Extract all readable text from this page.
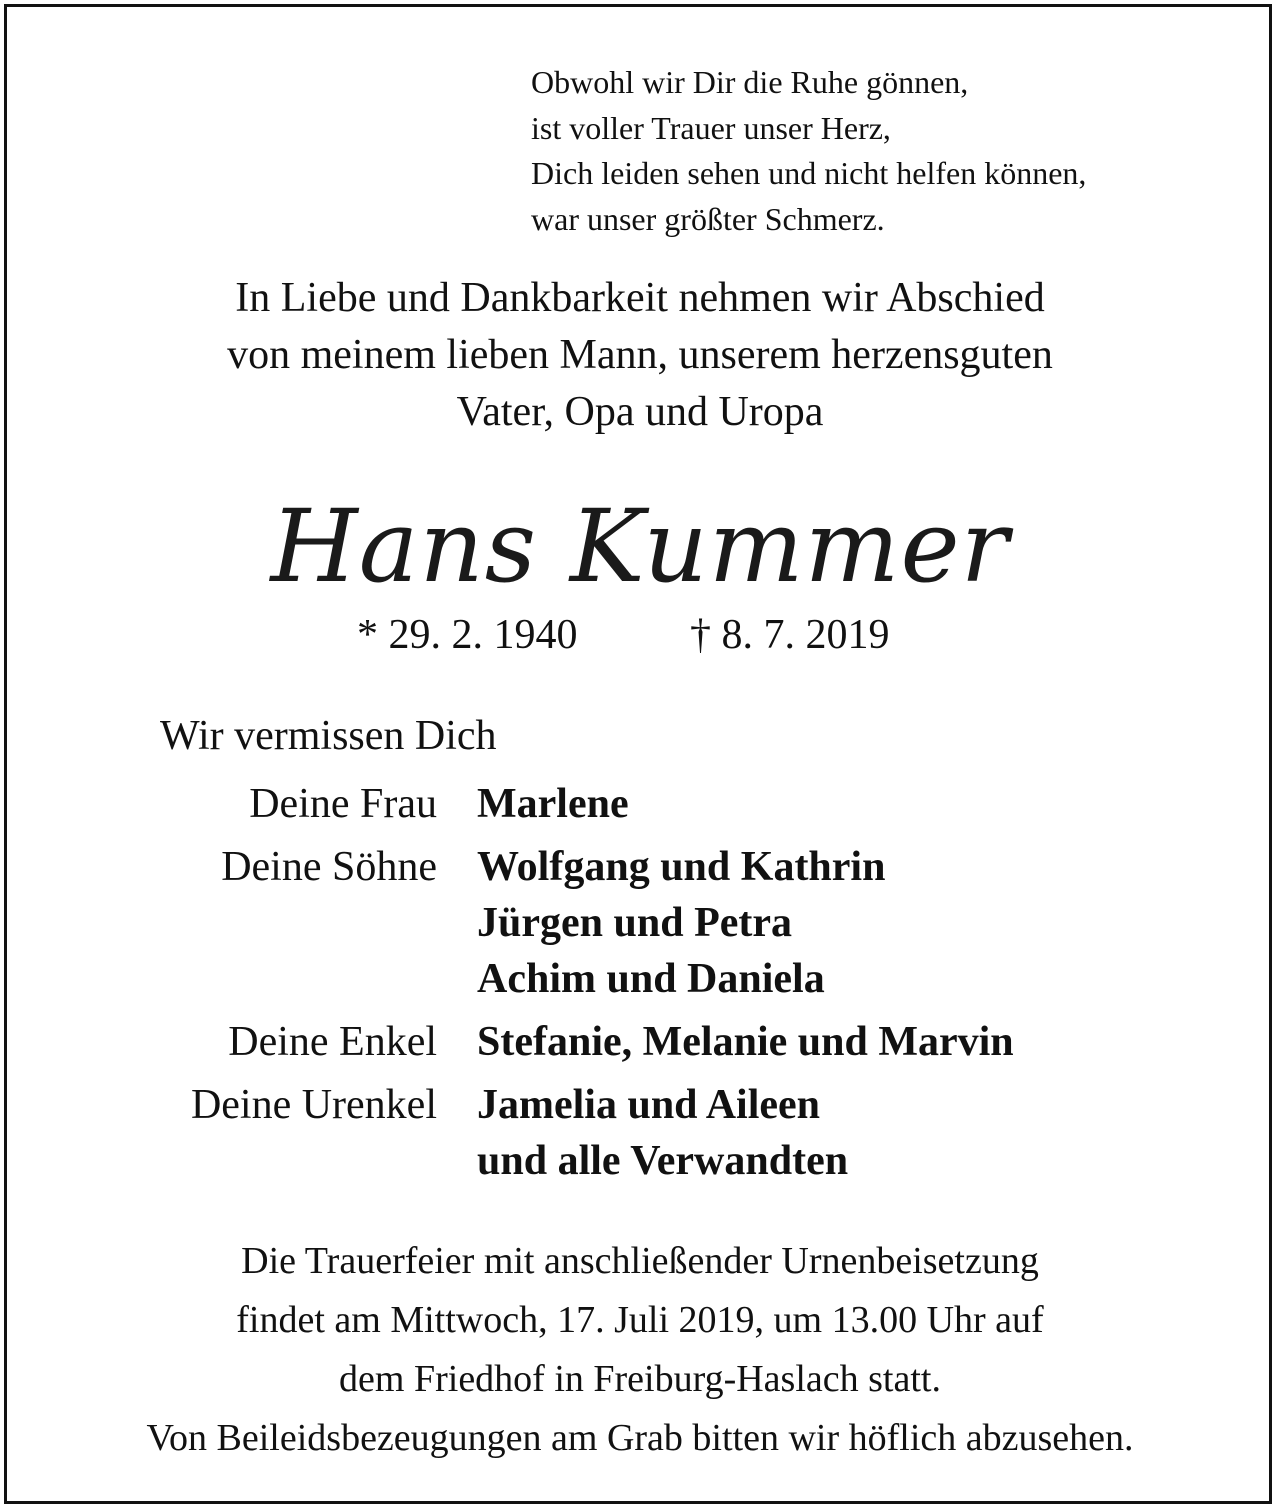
Obwohl wir Dir die Ruhe gönnen,
ist voller Trauer unser Herz,
Dich leiden sehen und nicht helfen können,
war unser größter Schmerz.
In Liebe und Dankbarkeit nehmen wir Abschied
von meinem lieben Mann, unserem herzensguten
Vater, Opa und Uropa
Hans Kummer
* 29. 2. 1940	† 8. 7. 2019
Wir vermissen Dich
Deine Frau Marlene
Deine Söhne Wolfgang und Kathrin
Jürgen und Petra
Achim und Daniela
Deine Enkel Stefanie, Melanie und Marvin
Deine Urenkel Jamelia und Aileen
und alle Verwandten
Die Trauerfeier mit anschließender Urnenbeisetzung
findet am Mittwoch, 17. Juli 2019, um 13.00 Uhr auf
dem Friedhof in Freiburg-Haslach statt.
Von Beileidsbezeugungen am Grab bitten wir höflich abzusehen.
